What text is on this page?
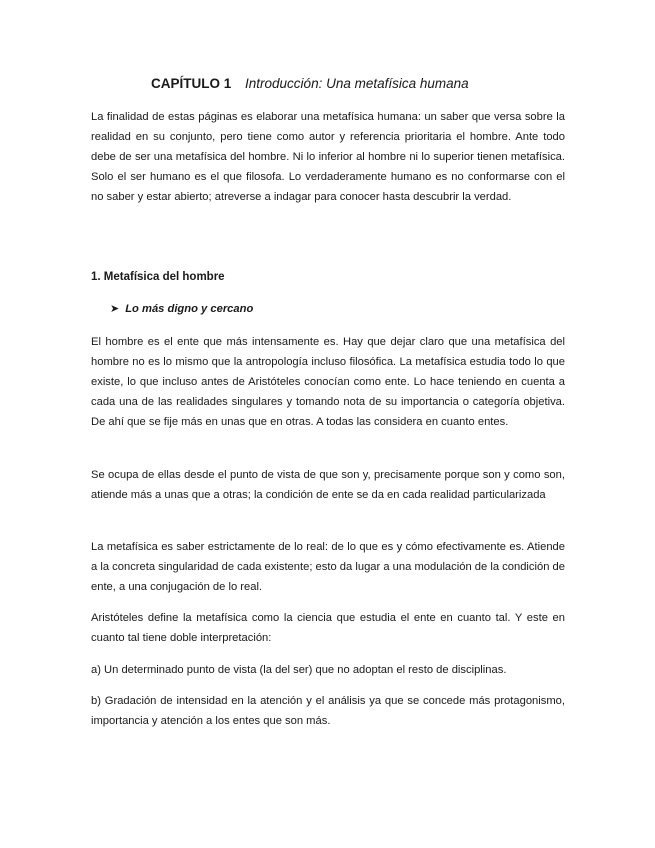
CAPÍTULO 1 Introducción: Una metafísica humana

La finalidad de estas páginas es elaborar una metafísica humana: un saber que versa sobre la realidad en su conjunto, pero tiene como autor y referencia prioritaria el hombre. Ante todo debe de ser una metafísica del hombre. Ni lo inferior al hombre ni lo superior tienen metafísica. Solo el ser humano es el que filosofa. Lo verdaderamente humano es no conformarse con el no saber y estar abierto; atreverse a indagar para conocer hasta descubrir la verdad.

1. Metafísica del hombre
➤ Lo más digno y cercano

El hombre es el ente que más intensamente es. Hay que dejar claro que una metafísica del hombre no es lo mismo que la antropología incluso filosófica. La metafísica estudia todo lo que existe, lo que incluso antes de Aristóteles conocían como ente. Lo hace teniendo en cuenta a cada una de las realidades singulares y tomando nota de su importancia o categoría objetiva. De ahí que se fije más en unas que en otras. A todas las considera en cuanto entes.

Se ocupa de ellas desde el punto de vista de que son y, precisamente porque son y como son, atiende más a unas que a otras; la condición de ente se da en cada realidad particularizada

La metafísica es saber estrictamente de lo real: de lo que es y cómo efectivamente es. Atiende a la concreta singularidad de cada existente; esto da lugar a una modulación de la condición de ente, a una conjugación de lo real.

Aristóteles define la metafísica como la ciencia que estudia el ente en cuanto tal. Y este en cuanto tal tiene doble interpretación:

a) Un determinado punto de vista (la del ser) que no adoptan el resto de disciplinas.

b) Gradación de intensidad en la atención y el análisis ya que se concede más protagonismo, importancia y atención a los entes que son más.
